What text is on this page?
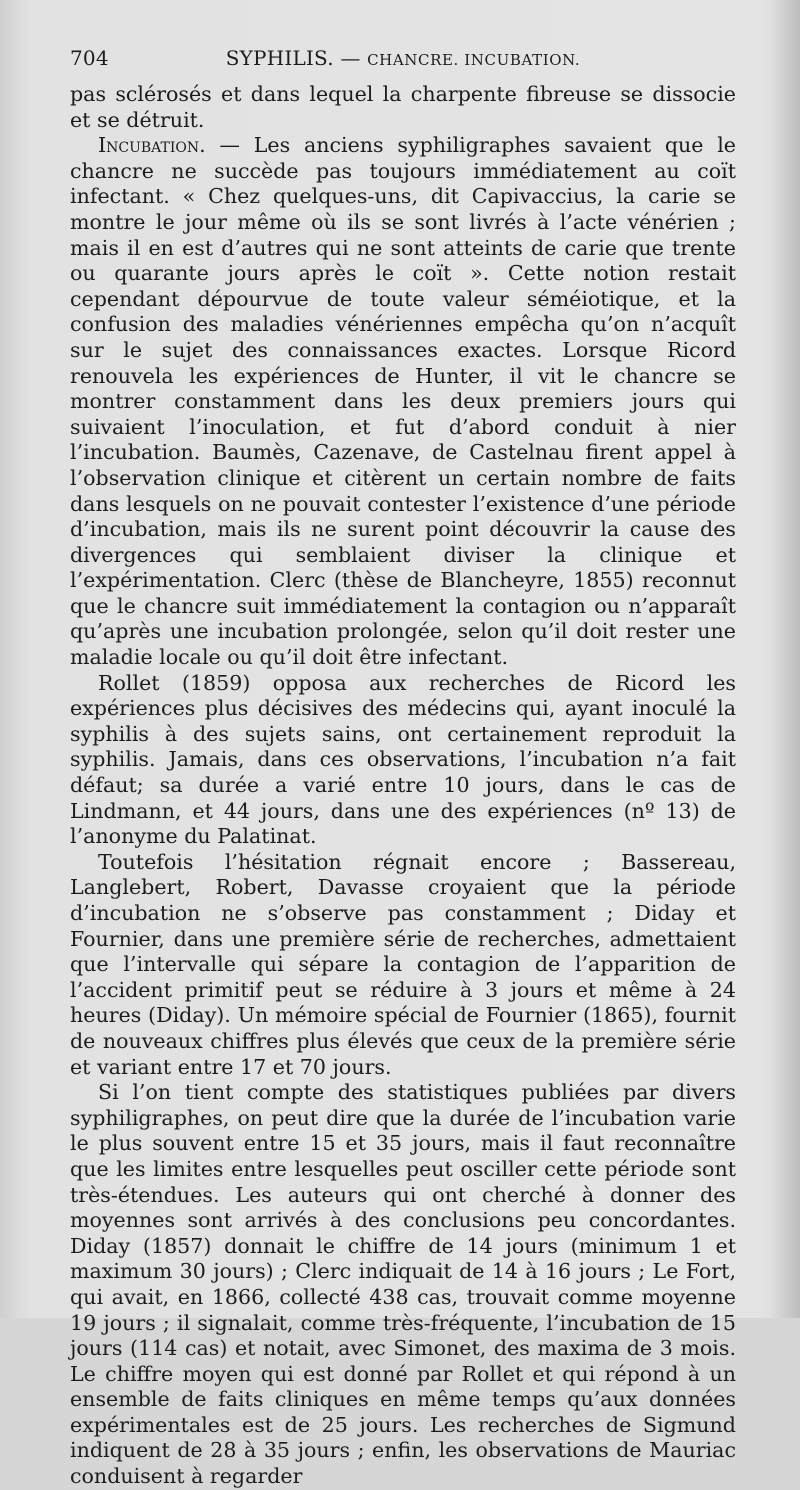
704	SYPHILIS. — CHANCRE. INCUBATION.

pas sclérosés et dans lequel la charpente fibreuse se dissocie et se détruit.

Incubation. — Les anciens syphiligraphes savaient que le chancre ne succède pas toujours immédiatement au coït infectant. « Chez quelques-uns, dit Capivaccius, la carie se montre le jour même où ils se sont livrés à l’acte vénérien ; mais il en est d’autres qui ne sont atteints de carie que trente ou quarante jours après le coït ». Cette notion restait cependant dépourvue de toute valeur séméiotique, et la confusion des maladies vénériennes empêcha qu’on n’acquît sur le sujet des connaissances exactes. Lorsque Ricord renouvela les expériences de Hunter, il vit le chancre se montrer constamment dans les deux premiers jours qui suivaient l’inoculation, et fut d’abord conduit à nier l’incubation. Baumès, Cazenave, de Castelnau firent appel à l’observation clinique et citèrent un certain nombre de faits dans lesquels on ne pouvait contester l’existence d’une période d’incubation, mais ils ne surent point découvrir la cause des divergences qui semblaient diviser la clinique et l’expérimentation. Clerc (thèse de Blancheyre, 1855) reconnut que le chancre suit immédiatement la contagion ou n’apparaît qu’après une incubation prolongée, selon qu’il doit rester une maladie locale ou qu’il doit être infectant.

Rollet (1859) opposa aux recherches de Ricord les expériences plus décisives des médecins qui, ayant inoculé la syphilis à des sujets sains, ont certainement reproduit la syphilis. Jamais, dans ces observations, l’incubation n’a fait défaut; sa durée a varié entre 10 jours, dans le cas de Lindmann, et 44 jours, dans une des expériences (nº 13) de l’anonyme du Palatinat.

Toutefois l’hésitation régnait encore ; Bassereau, Langlebert, Robert, Davasse croyaient que la période d’incubation ne s’observe pas constamment ; Diday et Fournier, dans une première série de recherches, admettaient que l’intervalle qui sépare la contagion de l’apparition de l’accident primitif peut se réduire à 3 jours et même à 24 heures (Diday). Un mémoire spécial de Fournier (1865), fournit de nouveaux chiffres plus élevés que ceux de la première série et variant entre 17 et 70 jours.

Si l’on tient compte des statistiques publiées par divers syphiligraphes, on peut dire que la durée de l’incubation varie le plus souvent entre 15 et 35 jours, mais il faut reconnaître que les limites entre lesquelles peut osciller cette période sont très-étendues. Les auteurs qui ont cherché à donner des moyennes sont arrivés à des conclusions peu concordantes. Diday (1857) donnait le chiffre de 14 jours (minimum 1 et maximum 30 jours) ; Clerc indiquait de 14 à 16 jours ; Le Fort, qui avait, en 1866, collecté 438 cas, trouvait comme moyenne 19 jours ; il signalait, comme très-fréquente, l’incubation de 15 jours (114 cas) et notait, avec Simonet, des maxima de 3 mois. Le chiffre moyen qui est donné par Rollet et qui répond à un ensemble de faits cliniques en même temps qu’aux données expérimentales est de 25 jours. Les recherches de Sigmund indiquent de 28 à 35 jours ; enfin, les observations de Mauriac conduisent à regarder
